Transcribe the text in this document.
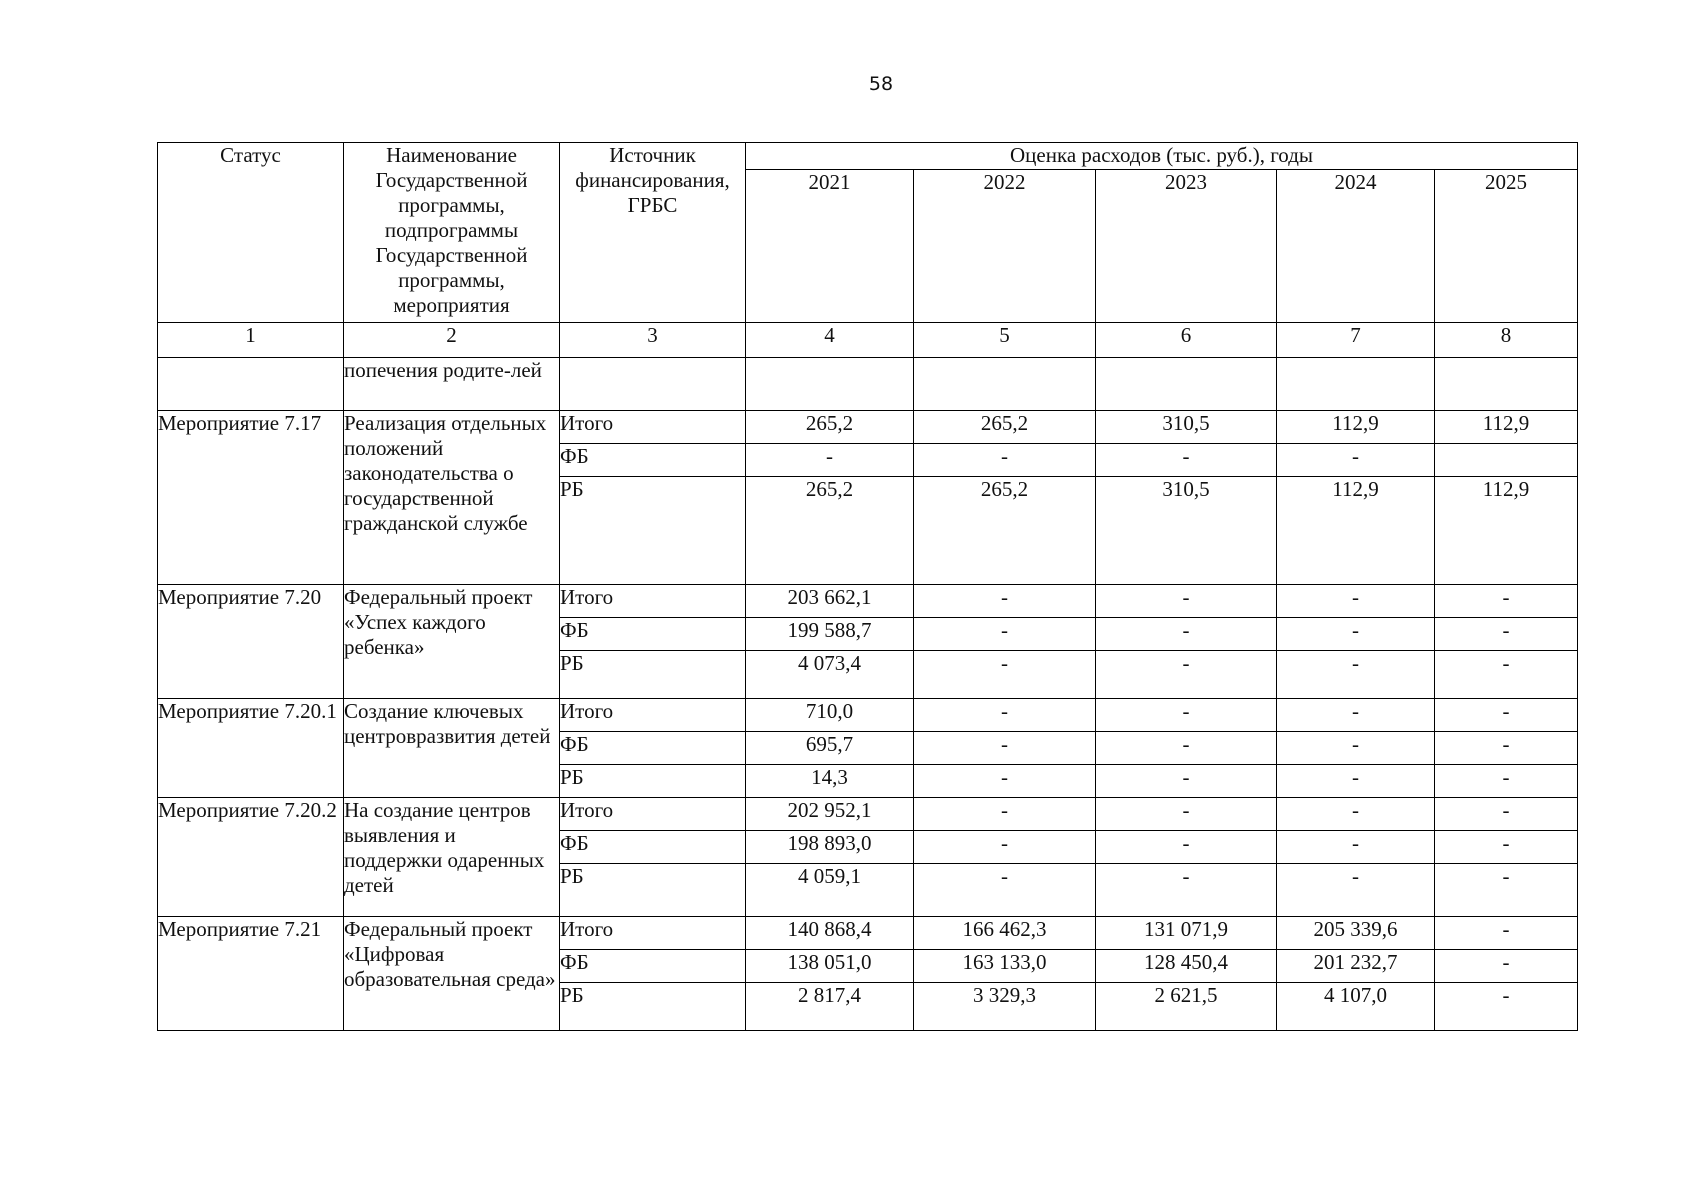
58
Статус	Наименование Государственной программы, подпрограммы Государственной программы, мероприятия	Источник финансирования, ГРБС	Оценка расходов (тыс. руб.), годы				
			2021	2022	2023	2024	2025
1	2	3	4	5	6	7	8
	попечения родите-лей						
Мероприятие 7.17	Реализация отдельных положений законодательства о государственной гражданской службе	Итого	265,2	265,2	310,5	112,9	112,9
		ФБ	-	-	-	-	
		РБ	265,2	265,2	310,5	112,9	112,9
Мероприятие 7.20	Федеральный проект «Успех каждого ребенка»	Итого	203 662,1	-	-	-	-
		ФБ	199 588,7	-	-	-	-
		РБ	4 073,4	-	-	-	-
Мероприятие 7.20.1	Создание ключевых центровразвития детей	Итого	710,0	-	-	-	-
		ФБ	695,7	-	-	-	-
		РБ	14,3	-	-	-	-
Мероприятие 7.20.2	На создание центров выявления и поддержки одаренных детей	Итого	202 952,1	-	-	-	-
		ФБ	198 893,0	-	-	-	-
		РБ	4 059,1	-	-	-	-
Мероприятие 7.21	Федеральный проект «Цифровая образовательная среда»	Итого	140 868,4	166 462,3	131 071,9	205 339,6	-
		ФБ	138 051,0	163 133,0	128 450,4	201 232,7	-
		РБ	2 817,4	3 329,3	2 621,5	4 107,0	-
